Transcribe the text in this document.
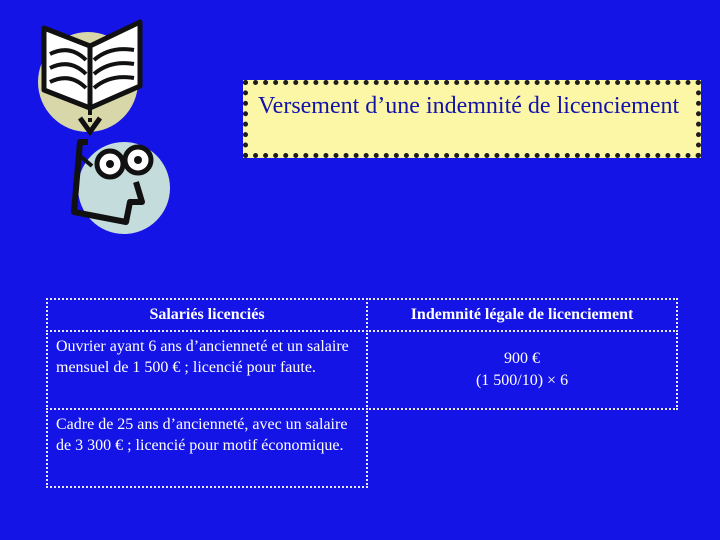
Versement d’une indemnité de licenciement
Salariés licenciés	Indemnité légale de licenciement
Ouvrier ayant 6 ans d’ancienneté et un salaire mensuel de 1 500 € ; licencié pour faute.
900 €
(1 500/10) × 6
Cadre de 25 ans d’ancienneté, avec un salaire de 3 300 € ; licencié pour motif économique.
